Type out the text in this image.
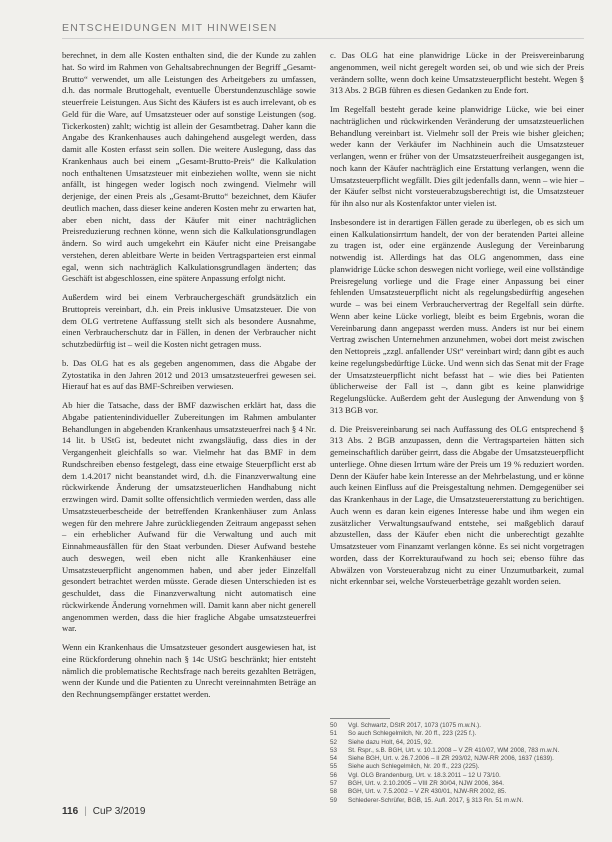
ENTSCHEIDUNGEN MIT HINWEISEN

berechnet, in dem alle Kosten enthalten sind, die der Kunde zu zahlen hat. So wird im Rahmen von Gehaltsabrechnungen der Begriff „Gesamt-Brutto“ verwendet, um alle Leistungen des Arbeitgebers zu umfassen, d.h. das normale Bruttogehalt, eventuelle Überstundenzuschläge sowie steuerfreie Leistungen. Aus Sicht des Käufers ist es auch irrelevant, ob es Geld für die Ware, auf Umsatzsteuer oder auf sonstige Leistungen (sog. Tickerkosten) zahlt; wichtig ist allein der Gesamtbetrag. Daher kann die Angabe des Krankenhauses auch dahingehend ausgelegt werden, dass damit alle Kosten erfasst sein sollen. Die weitere Auslegung, dass das Krankenhaus auch bei einem „Gesamt-Brutto-Preis“ die Kalkulation noch enthaltenen Umsatzsteuer mit einbeziehen wollte, wenn sie nicht anfällt, ist hingegen weder logisch noch zwingend. Vielmehr will derjenige, der einen Preis als „Gesamt-Brutto“ bezeichnet, dem Käufer deutlich machen, dass dieser keine anderen Kosten mehr zu erwarten hat, aber eben nicht, dass der Käufer mit einer nachträglichen Preisreduzierung rechnen könne, wenn sich die Kalkulationsgrundlagen ändern. So wird auch umgekehrt ein Käufer nicht eine Preisangabe verstehen, deren ableitbare Werte in beiden Vertragsparteien erst einmal egal, wenn sich nachträglich Kalkulationsgrundlagen änderten; das Geschäft ist abgeschlossen, eine spätere Anpassung erfolgt nicht.

Außerdem wird bei einem Verbrauchergeschäft grundsätzlich ein Bruttopreis vereinbart, d.h. ein Preis inklusive Umsatzsteuer. Die von dem OLG vertretene Auffassung stellt sich als besondere Ausnahme, einen Verbraucherschutz dar in Fällen, in denen der Verbraucher nicht schutzbedürftig ist – weil die Kosten nicht getragen muss.

b. Das OLG hat es als gegeben angenommen, dass die Abgabe der Zytostatika in den Jahren 2012 und 2013 umsatzsteuerfrei gewesen sei. Hierauf hat es auf das BMF-Schreiben verwiesen.

Ab hier die Tatsache, dass der BMF dazwischen erklärt hat, dass die Abgabe patientenindividueller Zubereitungen im Rahmen ambulanter Behandlungen in abgebenden Krankenhaus umsatzsteuerfrei nach § 4 Nr. 14 lit. b UStG ist, bedeutet nicht zwangsläufig, dass dies in der Vergangenheit gleichfalls so war. Vielmehr hat das BMF in dem Rundschreiben ebenso festgelegt, dass eine etwaige Steuerpflicht erst ab dem 1.4.2017 nicht beanstandet wird, d.h. die Finanzverwaltung eine rückwirkende Änderung der umsatzsteuerlichen Handhabung nicht erzwingen wird. Damit sollte offensichtlich vermieden werden, dass alle Umsatzsteuerbescheide der betreffenden Krankenhäuser zum Anlass wegen für den mehrere Jahre zurückliegenden Zeitraum angepasst sehen – ein erheblicher Aufwand für die Verwaltung und auch mit Einnahmeausfällen für den Staat verbunden. Dieser Aufwand bestehe auch deswegen, weil eben nicht alle Krankenhäuser eine Umsatzsteuerpflicht angenommen haben, und aber jeder Einzelfall gesondert betrachtet werden müsste. Gerade diesen Unterschieden ist es geschuldet, dass die Finanzverwaltung nicht automatisch eine rückwirkende Änderung vornehmen will. Damit kann aber nicht generell angenommen werden, dass die hier fragliche Abgabe umsatzsteuerfrei war.

Wenn ein Krankenhaus die Umsatzsteuer gesondert ausgewiesen hat, ist eine Rückforderung ohnehin nach § 14c UStG beschränkt; hier entsteht nämlich die problematische Rechtsfrage nach bereits gezahlten Beträgen, wenn der Kunde und die Patienten zu Unrecht vereinnahmten Beträge an den Rechnungsempfänger erstattet werden.

c. Das OLG hat eine planwidrige Lücke in der Preisvereinbarung angenommen, weil nicht geregelt worden sei, ob und wie sich der Preis verändern sollte, wenn doch keine Umsatzsteuerpflicht besteht. Wegen § 313 Abs. 2 BGB führen es diesen Gedanken zu Ende fort.

Im Regelfall besteht gerade keine planwidrige Lücke, wie bei einer nachträglichen und rückwirkenden Veränderung der umsatzsteuerlichen Behandlung vereinbart ist. Vielmehr soll der Preis wie bisher gleichen; weder kann der Verkäufer im Nachhinein auch die Umsatzsteuer verlangen, wenn er früher von der Umsatzsteuerfreiheit ausgegangen ist, noch kann der Käufer nachträglich eine Erstattung verlangen, wenn die Umsatzsteuerpflicht wegfällt. Dies gilt jedenfalls dann, wenn – wie hier – der Käufer selbst nicht vorsteuerabzugsberechtigt ist, die Umsatzsteuer für ihn also nur als Kostenfaktor unter vielen ist.

Insbesondere ist in derartigen Fällen gerade zu überlegen, ob es sich um einen Kalkulationsirrtum handelt, der von der beratenden Partei alleine zu tragen ist, oder eine ergänzende Auslegung der Vereinbarung notwendig ist. Allerdings hat das OLG angenommen, dass eine planwidrige Lücke schon deswegen nicht vorliege, weil eine vollständige Preisregelung vorliege und die Frage einer Anpassung bei einer fehlenden Umsatzsteuerpflicht nicht als regelungsbedürftig angesehen wurde – was bei einem Verbrauchervertrag der Regelfall sein dürfte. Wenn aber keine Lücke vorliegt, bleibt es beim Ergebnis, woran die Vereinbarung dann angepasst werden muss. Anders ist nur bei einem Vertrag zwischen Unternehmen anzunehmen, wobei dort meist zwischen den Nettopreis „zzgl. anfallender USt“ vereinbart wird; dann gibt es auch keine regelungsbedürftige Lücke. Und wenn sich das Senat mit der Frage der Umsatzsteuerpflicht nicht befasst hat – wie dies bei Patienten üblicherweise der Fall ist –, dann gibt es keine planwidrige Regelungslücke. Außerdem geht der Auslegung der Anwendung von § 313 BGB vor.

d. Die Preisvereinbarung sei nach Auffassung des OLG entsprechend § 313 Abs. 2 BGB anzupassen, denn die Vertragsparteien hätten sich gemeinschaftlich darüber geirrt, dass die Abgabe der Umsatzsteuerpflicht unterliege. Ohne diesen Irrtum wäre der Preis um 19 % reduziert worden. Denn der Käufer habe kein Interesse an der Mehrbelastung, und er könne auch keinen Einfluss auf die Preisgestaltung nehmen. Demgegenüber sei das Krankenhaus in der Lage, die Umsatzsteuererstattung zu berichtigen. Auch wenn es daran kein eigenes Interesse habe und ihm wegen ein zusätzlicher Verwaltungsaufwand entstehe, sei maßgeblich darauf abzustellen, dass der Käufer eben nicht die unberechtigt gezahlte Umsatzsteuer vom Finanzamt verlangen könne. Es sei nicht vorgetragen worden, dass der Korrekturaufwand zu hoch sei; ebenso führe das Abwälzen von Vorsteuerabzug nicht zu einer Unzumutbarkeit, zumal nicht erkennbar sei, welche Vorsteuerbeträge gezahlt worden seien.

50	Vgl. Schwartz, DStR 2017, 1073 (1075 m.w.N.).
51	So auch Schlegelmilch, Nr. 20 ff., 223 (225 f.).
52	Siehe dazu Holt, 64, 2015, 92.
53	St. Rspr., s.B. BGH, Urt. v. 10.1.2008 – V ZR 410/07, WM 2008, 783 m.w.N.
54	Siehe BGH, Urt. v. 26.7.2006 – II ZR 293/02, NJW-RR 2006, 1637 (1639).
55	Siehe auch Schlegelmilch, Nr. 20 ff., 223 (225).
56	Vgl. OLG Brandenburg, Urt. v. 18.3.2011 – 12 U 73/10.
57	BGH, Urt. v. 2.10.2005 – VIII ZR 30/04, NJW 2006, 364.
58	BGH, Urt. v. 7.5.2002 – V ZR 430/01, NJW-RR 2002, 85.
59	Schlederer-Schrüfer, BGB, 15. Aufl. 2017, § 313 Rn. 51 m.w.N.
116 | CuP 3/2019
